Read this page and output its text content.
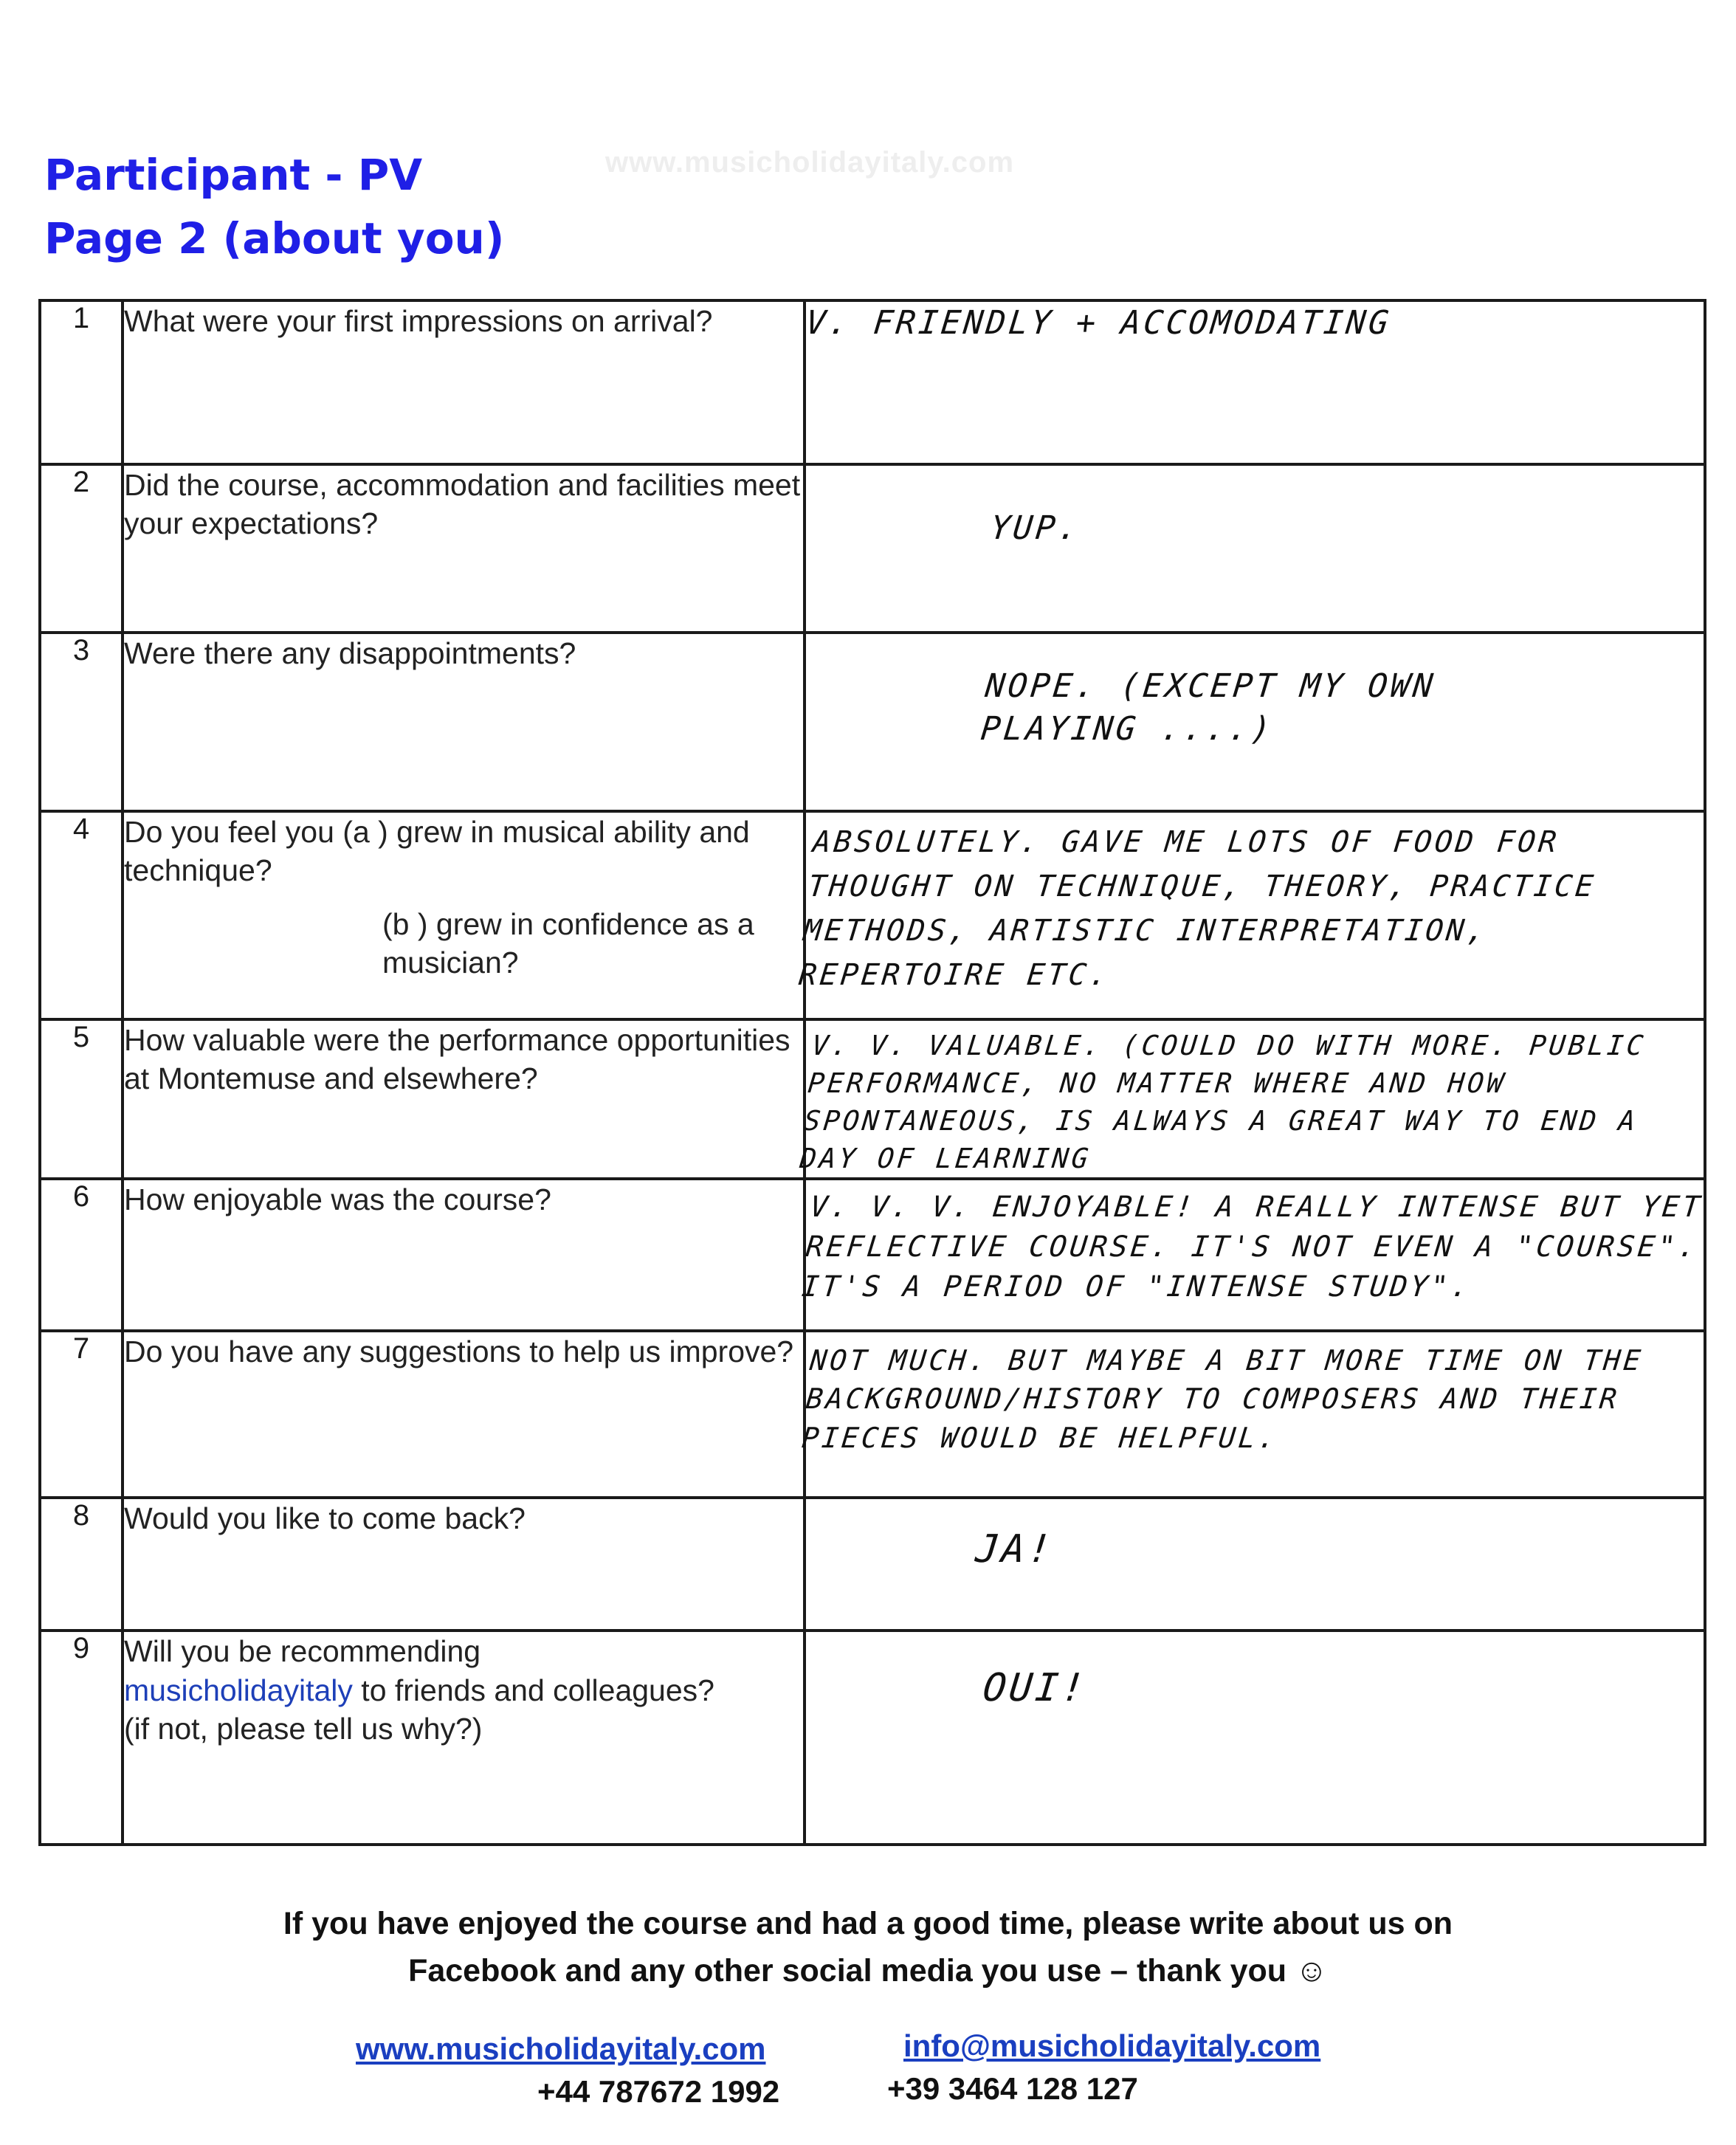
Participant - PV
Page 2 (about you)
www.musicholidayitaly.com
1	What were your first impressions on arrival?	V. FRIENDLY + ACCOMODATING

2	Did the course, accommodation and facilities meet your expectations?	YUP.

3	Were there any disappointments?	NOPE. (EXCEPT MY OWN
PLAYING ....)

4	Do you feel you (a ) grew in musical ability and technique?
(b ) grew in confidence as a musician?	ABSOLUTELY. GAVE ME LOTS OF FOOD FOR THOUGHT ON TECHNIQUE, THEORY, PRACTICE METHODS, ARTISTIC INTERPRETATION, REPERTOIRE ETC.

5	How valuable were the performance opportunities at Montemuse and elsewhere?	V. V. VALUABLE. (COULD DO WITH MORE. PUBLIC PERFORMANCE, NO MATTER WHERE AND HOW SPONTANEOUS, IS ALWAYS A GREAT WAY TO END A DAY OF LEARNING

6	How enjoyable was the course?	V. V. V. ENJOYABLE! A REALLY INTENSE BUT YET REFLECTIVE COURSE. IT'S NOT EVEN A "COURSE". IT'S A PERIOD OF "INTENSE STUDY".

7	Do you have any suggestions to help us improve?	NOT MUCH. BUT MAYBE A BIT MORE TIME ON THE BACKGROUND/HISTORY TO COMPOSERS AND THEIR PIECES WOULD BE HELPFUL.

8	Would you like to come back?	JA!

9	Will you be recommending
musicholidayitaly to friends and colleagues?
(if not, please tell us why?)	OUI!
If you have enjoyed the course and had a good time, please write about us on
Facebook and any other social media you use – thank you ☺
www.musicholidayitaly.com	info@musicholidayitaly.com
+44 787672 1992	+39 3464 128 127
